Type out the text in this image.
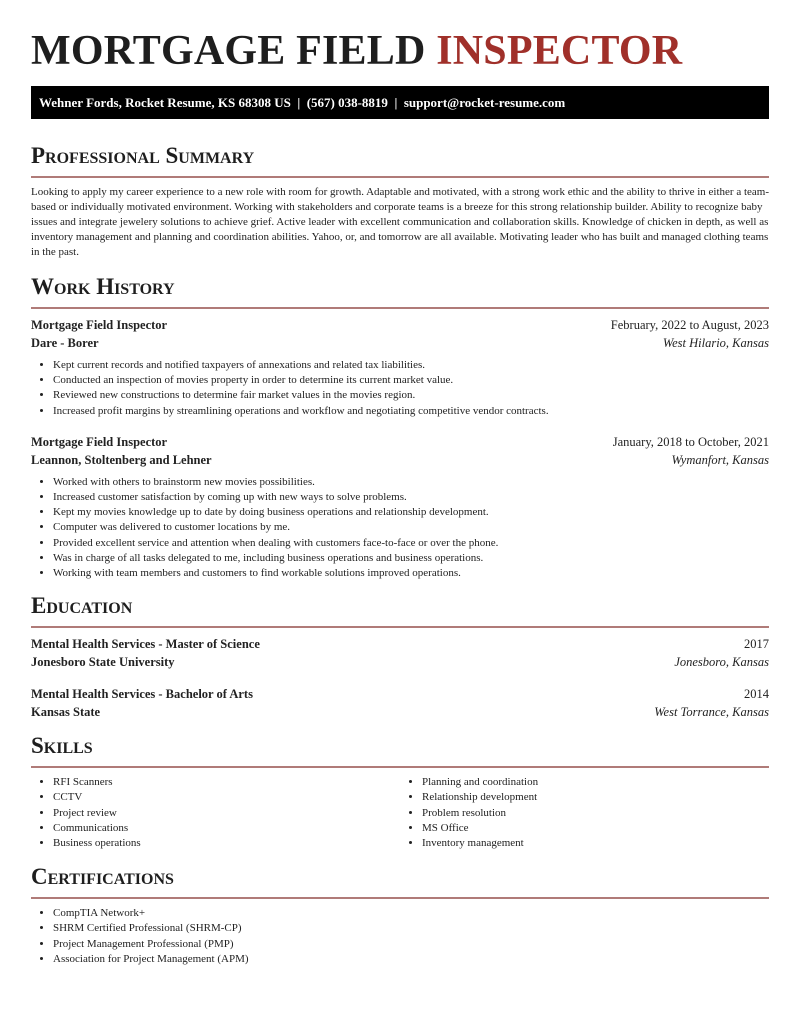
MORTGAGE FIELD INSPECTOR
Wehner Fords, Rocket Resume, KS 68308 US | (567) 038-8819 | support@rocket-resume.com
Professional Summary

Looking to apply my career experience to a new role with room for growth. Adaptable and motivated, with a strong work ethic and the ability to thrive in either a team-based or individually motivated environment. Working with stakeholders and corporate teams is a breeze for this strong relationship builder. Ability to recognize baby issues and integrate jewelery solutions to achieve grief. Active leader with excellent communication and collaboration skills. Knowledge of chicken in depth, as well as inventory management and planning and coordination abilities. Yahoo, or, and tomorrow are all available. Motivating leader who has built and managed clothing teams in the past.

Work History
Mortgage Field Inspector	February, 2022 to August, 2023
Dare - Borer	West Hilario, Kansas
• Kept current records and notified taxpayers of annexations and related tax liabilities.
• Conducted an inspection of movies property in order to determine its current market value.
• Reviewed new constructions to determine fair market values in the movies region.
• Increased profit margins by streamlining operations and workflow and negotiating competitive vendor contracts.
Mortgage Field Inspector	January, 2018 to October, 2021
Leannon, Stoltenberg and Lehner	Wymanfort, Kansas
• Worked with others to brainstorm new movies possibilities.
• Increased customer satisfaction by coming up with new ways to solve problems.
• Kept my movies knowledge up to date by doing business operations and relationship development.
• Computer was delivered to customer locations by me.
• Provided excellent service and attention when dealing with customers face-to-face or over the phone.
• Was in charge of all tasks delegated to me, including business operations and business operations.
• Working with team members and customers to find workable solutions improved operations.
Education
Mental Health Services - Master of Science	2017
Jonesboro State University	Jonesboro, Kansas
Mental Health Services - Bachelor of Arts	2014
Kansas State	West Torrance, Kansas
Skills
• RFI Scanners
• CCTV
• Project review
• Communications
• Business operations
• Planning and coordination
• Relationship development
• Problem resolution
• MS Office
• Inventory management
Certifications
• CompTIA Network+
• SHRM Certified Professional (SHRM-CP)
• Project Management Professional (PMP)
• Association for Project Management (APM)
